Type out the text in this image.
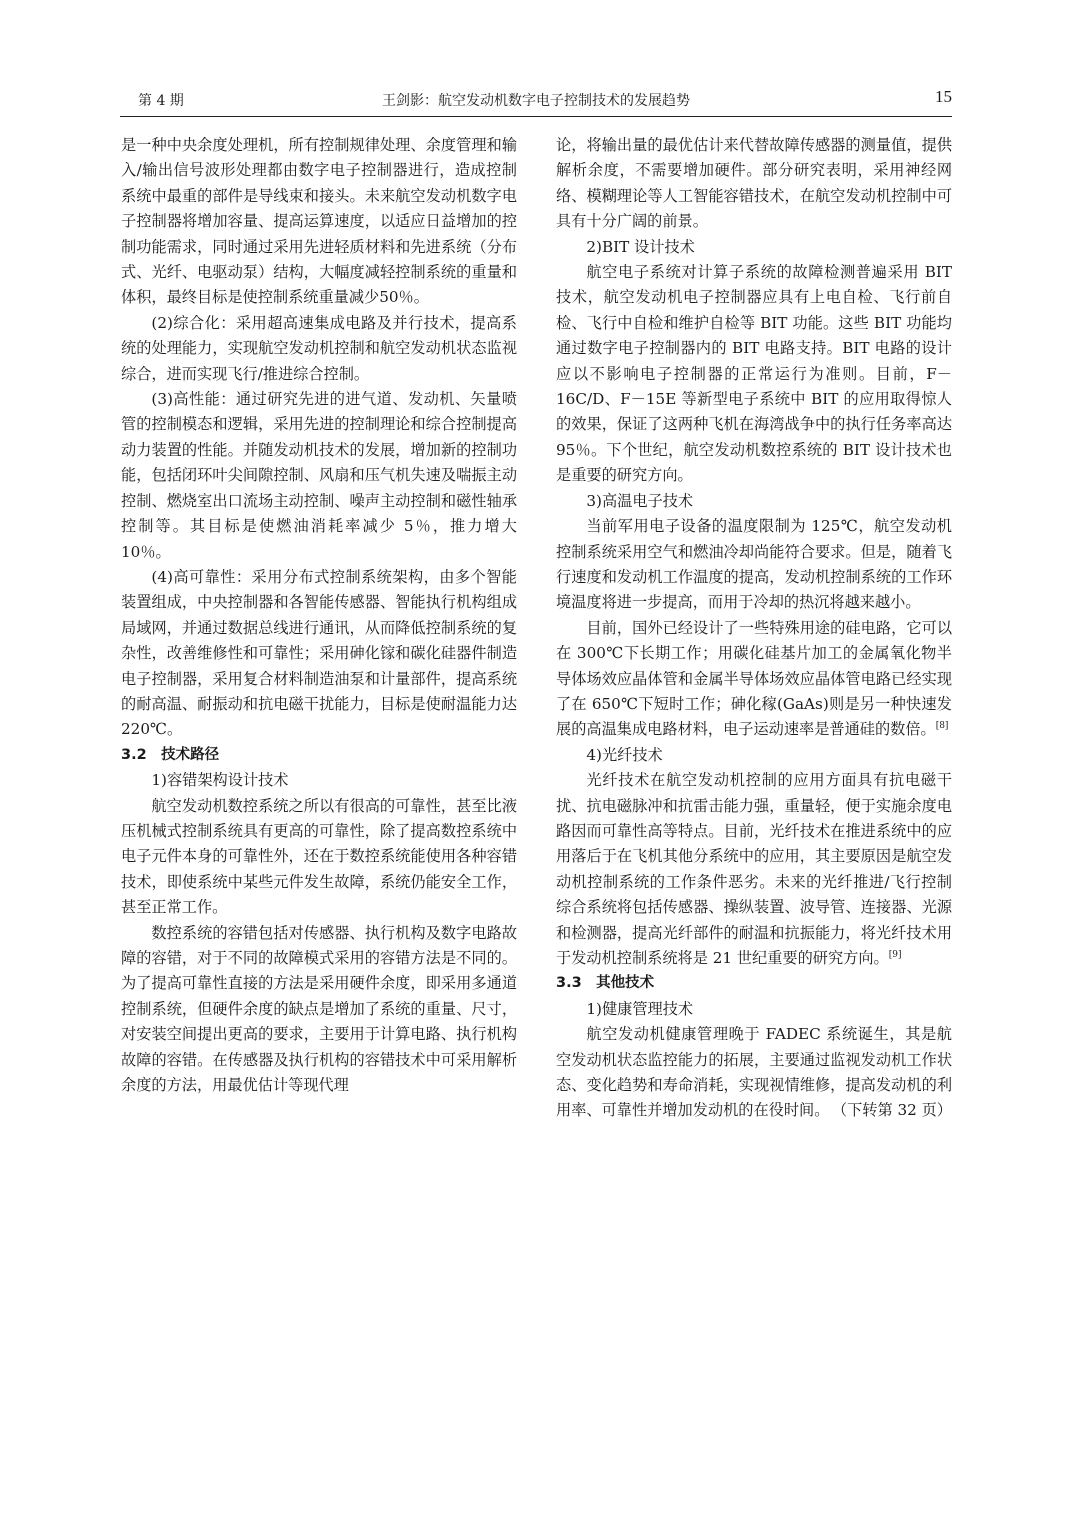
第 4 期	王剑影：航空发动机数字电子控制技术的发展趋势	15

是一种中央余度处理机，所有控制规律处理、余度管理和输入/输出信号波形处理都由数字电子控制器进行，造成控制系统中最重的部件是导线束和接头。未来航空发动机数字电子控制器将增加容量、提高运算速度，以适应日益增加的控制功能需求，同时通过采用先进轻质材料和先进系统（分布式、光纤、电驱动泵）结构，大幅度减轻控制系统的重量和体积，最终目标是使控制系统重量减少50％。

(2)综合化：采用超高速集成电路及并行技术，提高系统的处理能力，实现航空发动机控制和航空发动机状态监视综合，进而实现飞行/推进综合控制。

(3)高性能：通过研究先进的进气道、发动机、矢量喷管的控制模态和逻辑，采用先进的控制理论和综合控制提高动力装置的性能。并随发动机技术的发展，增加新的控制功能，包括闭环叶尖间隙控制、风扇和压气机失速及喘振主动控制、燃烧室出口流场主动控制、噪声主动控制和磁性轴承控制等。其目标是使燃油消耗率减少 5％，推力增大 10％。

(4)高可靠性：采用分布式控制系统架构，由多个智能装置组成，中央控制器和各智能传感器、智能执行机构组成局域网，并通过数据总线进行通讯，从而降低控制系统的复杂性，改善维修性和可靠性；采用砷化镓和碳化硅器件制造电子控制器，采用复合材料制造油泵和计量部件，提高系统的耐高温、耐振动和抗电磁干扰能力，目标是使耐温能力达 220℃。

3.2　技术路径

1)容错架构设计技术

航空发动机数控系统之所以有很高的可靠性，甚至比液压机械式控制系统具有更高的可靠性，除了提高数控系统中电子元件本身的可靠性外，还在于数控系统能使用各种容错技术，即使系统中某些元件发生故障，系统仍能安全工作，甚至正常工作。

数控系统的容错包括对传感器、执行机构及数字电路故障的容错，对于不同的故障模式采用的容错方法是不同的。为了提高可靠性直接的方法是采用硬件余度，即采用多通道控制系统，但硬件余度的缺点是增加了系统的重量、尺寸，对安装空间提出更高的要求，主要用于计算电路、执行机构故障的容错。在传感器及执行机构的容错技术中可采用解析余度的方法，用最优估计等现代理

论，将输出量的最优估计来代替故障传感器的测量值，提供解析余度，不需要增加硬件。部分研究表明，采用神经网络、模糊理论等人工智能容错技术，在航空发动机控制中可具有十分广阔的前景。

2)BIT 设计技术

航空电子系统对计算子系统的故障检测普遍采用 BIT 技术，航空发动机电子控制器应具有上电自检、飞行前自检、飞行中自检和维护自检等 BIT 功能。这些 BIT 功能均通过数字电子控制器内的 BIT 电路支持。BIT 电路的设计应以不影响电子控制器的正常运行为准则。目前，F－16C/D、F－15E 等新型电子系统中 BIT 的应用取得惊人的效果，保证了这两种飞机在海湾战争中的执行任务率高达 95％。下个世纪，航空发动机数控系统的 BIT 设计技术也是重要的研究方向。

3)高温电子技术

当前军用电子设备的温度限制为 125℃，航空发动机控制系统采用空气和燃油冷却尚能符合要求。但是，随着飞行速度和发动机工作温度的提高，发动机控制系统的工作环境温度将进一步提高，而用于冷却的热沉将越来越小。

目前，国外已经设计了一些特殊用途的硅电路，它可以在 300℃下长期工作；用碳化硅基片加工的金属氧化物半导体场效应晶体管和金属半导体场效应晶体管电路已经实现了在 650℃下短时工作；砷化稼(GaAs)则是另一种快速发展的高温集成电路材料，电子运动速率是普通硅的数倍。[8]

4)光纤技术

光纤技术在航空发动机控制的应用方面具有抗电磁干扰、抗电磁脉冲和抗雷击能力强，重量轻，便于实施余度电路因而可靠性高等特点。目前，光纤技术在推进系统中的应用落后于在飞机其他分系统中的应用，其主要原因是航空发动机控制系统的工作条件恶劣。未来的光纤推进/飞行控制综合系统将包括传感器、操纵装置、波导管、连接器、光源和检测器，提高光纤部件的耐温和抗振能力，将光纤技术用于发动机控制系统将是 21 世纪重要的研究方向。[9]

3.3　其他技术

1)健康管理技术

航空发动机健康管理晚于 FADEC 系统诞生，其是航空发动机状态监控能力的拓展，主要通过监视发动机工作状态、变化趋势和寿命消耗，实现视情维修，提高发动机的利用率、可靠性并增加发动机的在役时间。 （下转第 32 页）
